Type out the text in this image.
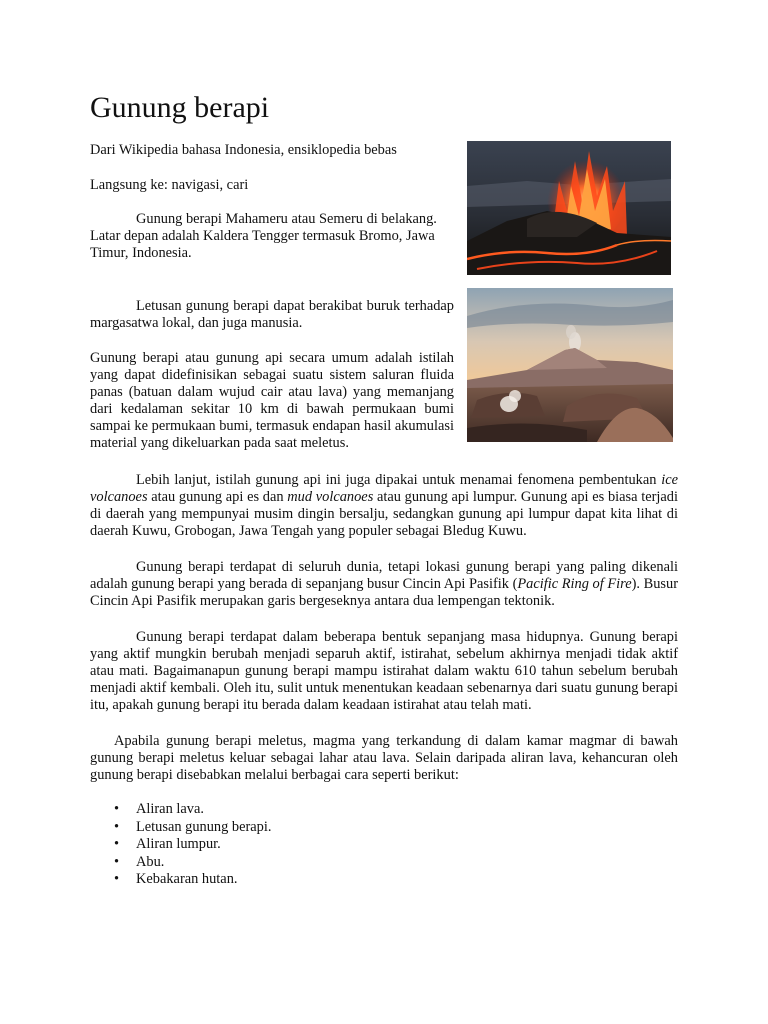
Gunung berapi

Dari Wikipedia bahasa Indonesia, ensiklopedia bebas

Langsung ke: navigasi, cari

Gunung berapi Mahameru atau Semeru di belakang. Latar depan adalah Kaldera Tengger termasuk Bromo, Jawa Timur, Indonesia.

Letusan gunung berapi dapat berakibat buruk terhadap margasatwa lokal, dan juga manusia.

Gunung berapi atau gunung api secara umum adalah istilah yang dapat didefinisikan sebagai suatu sistem saluran fluida panas (batuan dalam wujud cair atau lava) yang memanjang dari kedalaman sekitar 10 km di bawah permukaan bumi sampai ke permukaan bumi, termasuk endapan hasil akumulasi material yang dikeluarkan pada saat meletus.

Lebih lanjut, istilah gunung api ini juga dipakai untuk menamai fenomena pembentukan ice volcanoes atau gunung api es dan mud volcanoes atau gunung api lumpur. Gunung api es biasa terjadi di daerah yang mempunyai musim dingin bersalju, sedangkan gunung api lumpur dapat kita lihat di daerah Kuwu, Grobogan, Jawa Tengah yang populer sebagai Bledug Kuwu.

Gunung berapi terdapat di seluruh dunia, tetapi lokasi gunung berapi yang paling dikenali adalah gunung berapi yang berada di sepanjang busur Cincin Api Pasifik (Pacific Ring of Fire). Busur Cincin Api Pasifik merupakan garis bergeseknya antara dua lempengan tektonik.

Gunung berapi terdapat dalam beberapa bentuk sepanjang masa hidupnya. Gunung berapi yang aktif mungkin berubah menjadi separuh aktif, istirahat, sebelum akhirnya menjadi tidak aktif atau mati. Bagaimanapun gunung berapi mampu istirahat dalam waktu 610 tahun sebelum berubah menjadi aktif kembali. Oleh itu, sulit untuk menentukan keadaan sebenarnya dari suatu gunung berapi itu, apakah gunung berapi itu berada dalam keadaan istirahat atau telah mati.

Apabila gunung berapi meletus, magma yang terkandung di dalam kamar magmar di bawah gunung berapi meletus keluar sebagai lahar atau lava. Selain daripada aliran lava, kehancuran oleh gunung berapi disebabkan melalui berbagai cara seperti berikut:

• Aliran lava.
• Letusan gunung berapi.
• Aliran lumpur.
• Abu.
• Kebakaran hutan.
